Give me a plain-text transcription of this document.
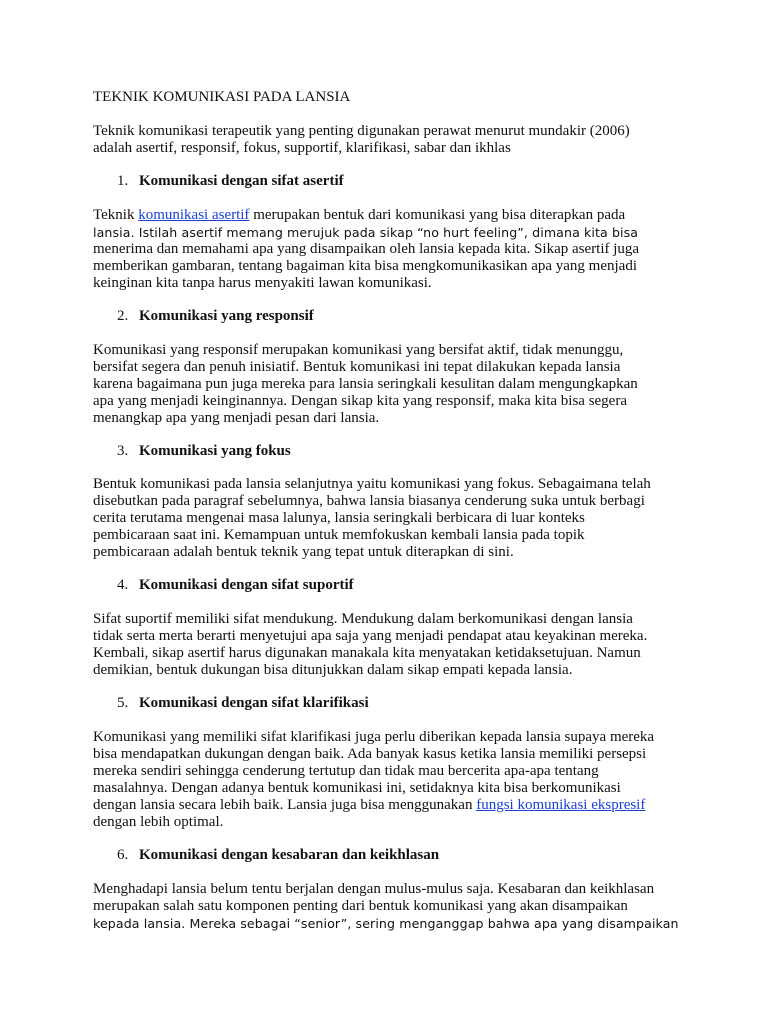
TEKNIK KOMUNIKASI PADA LANSIA
Teknik komunikasi terapeutik yang penting digunakan perawat menurut mundakir (2006)
adalah asertif, responsif, fokus, supportif, klarifikasi, sabar dan ikhlas
1. Komunikasi dengan sifat asertif
Teknik komunikasi asertif merupakan bentuk dari komunikasi yang bisa diterapkan pada
lansia. Istilah asertif memang merujuk pada sikap “no hurt feeling”, dimana kita bisa
menerima dan memahami apa yang disampaikan oleh lansia kepada kita. Sikap asertif juga
memberikan gambaran, tentang bagaiman kita bisa mengkomunikasikan apa yang menjadi
keinginan kita tanpa harus menyakiti lawan komunikasi.
2. Komunikasi yang responsif
Komunikasi yang responsif merupakan komunikasi yang bersifat aktif, tidak menunggu,
bersifat segera dan penuh inisiatif. Bentuk komunikasi ini tepat dilakukan kepada lansia
karena bagaimana pun juga mereka para lansia seringkali kesulitan dalam mengungkapkan
apa yang menjadi keinginannya. Dengan sikap kita yang responsif, maka kita bisa segera
menangkap apa yang menjadi pesan dari lansia.
3. Komunikasi yang fokus
Bentuk komunikasi pada lansia selanjutnya yaitu komunikasi yang fokus. Sebagaimana telah
disebutkan pada paragraf sebelumnya, bahwa lansia biasanya cenderung suka untuk berbagi
cerita terutama mengenai masa lalunya, lansia seringkali berbicara di luar konteks
pembicaraan saat ini. Kemampuan untuk memfokuskan kembali lansia pada topik
pembicaraan adalah bentuk teknik yang tepat untuk diterapkan di sini.
4. Komunikasi dengan sifat suportif
Sifat suportif memiliki sifat mendukung. Mendukung dalam berkomunikasi dengan lansia
tidak serta merta berarti menyetujui apa saja yang menjadi pendapat atau keyakinan mereka.
Kembali, sikap asertif harus digunakan manakala kita menyatakan ketidaksetujuan. Namun
demikian, bentuk dukungan bisa ditunjukkan dalam sikap empati kepada lansia.
5. Komunikasi dengan sifat klarifikasi
Komunikasi yang memiliki sifat klarifikasi juga perlu diberikan kepada lansia supaya mereka
bisa mendapatkan dukungan dengan baik. Ada banyak kasus ketika lansia memiliki persepsi
mereka sendiri sehingga cenderung tertutup dan tidak mau bercerita apa-apa tentang
masalahnya. Dengan adanya bentuk komunikasi ini, setidaknya kita bisa berkomunikasi
dengan lansia secara lebih baik. Lansia juga bisa menggunakan fungsi komunikasi ekspresif
dengan lebih optimal.
6. Komunikasi dengan kesabaran dan keikhlasan
Menghadapi lansia belum tentu berjalan dengan mulus-mulus saja. Kesabaran dan keikhlasan
merupakan salah satu komponen penting dari bentuk komunikasi yang akan disampaikan
kepada lansia. Mereka sebagai “senior”, sering menganggap bahwa apa yang disampaikan
